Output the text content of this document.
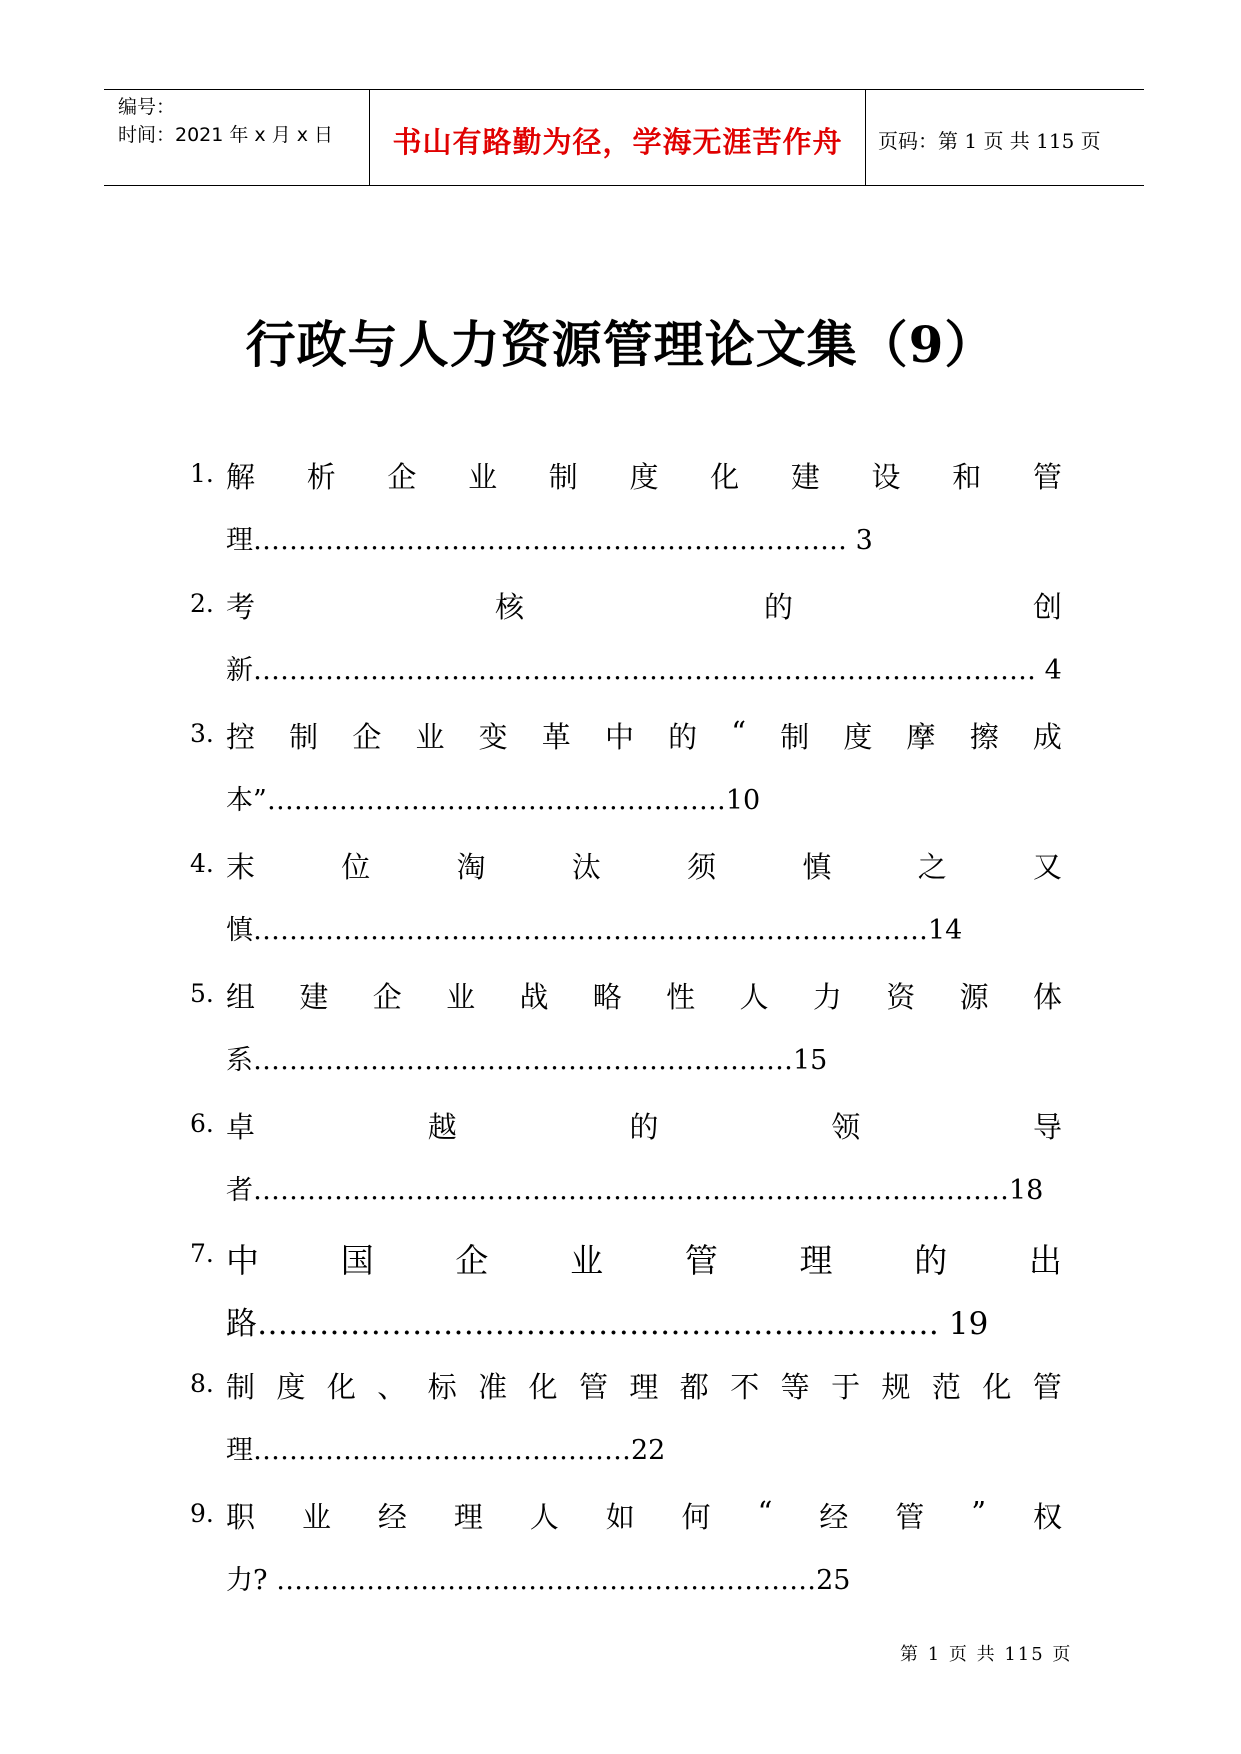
编号：
时间：2021 年 x 月 x 日	书山有路勤为径，学海无涯苦作舟	页码：第 1 页 共 115 页
行政与人力资源管理论文集（9）
1. 解 析 企 业 制 度 化 建 设 和 管
理………………………………………………………… 3
2. 考	核	的	创
新…………………………………………………………………………… 4
3. 控 制 企 业 变 革 中 的 “ 制 度 摩 擦 成
本”……………………………………………10
4. 末	位	淘	汰	须	慎	之	又
慎…………………………………………………………………14
5. 组 建 企 业 战 略 性 人 力 资 源 体
系……………………………………………………15
6. 卓	越	的	领	导
者…………………………………………………………………………18
7. 中 国 企 业 管 理 的 出
路………………………………………………………… 19
8. 制 度 化 、 标 准 化 管 理 都 不 等 于 规 范 化 管
理……………………………………22
9. 职 业 经 理 人 如 何 “ 经 管 ” 权
力? ……………………………………………………25
第 1 页 共 115 页
